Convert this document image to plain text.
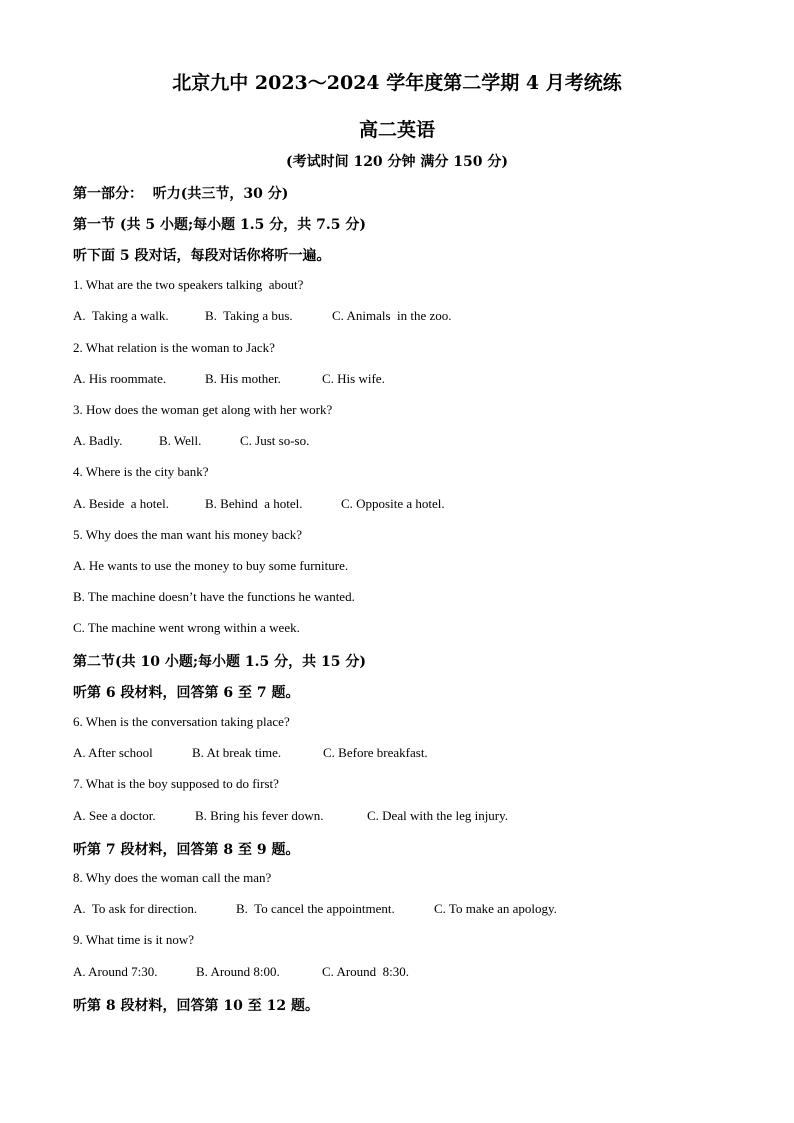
北京九中 2023～2024 学年度第二学期 4 月考统练
高二英语
(考试时间 120 分钟 满分 150 分)
第一部分：  听力(共三节，30 分)
第一节 (共 5 小题;每小题 1.5 分，共 7.5 分)
听下面 5 段对话，每段对话你将听一遍。
1. What are the two speakers talking  about?
A.  Taking a walk.	B.  Taking a bus.	C. Animals  in the zoo.
2. What relation is the woman to Jack?
A. His roommate.	B. His mother.	C. His wife.
3. How does the woman get along with her work?
A. Badly.	B. Well.	C. Just so-so.
4. Where is the city bank?
A. Beside  a hotel.	B. Behind  a hotel.	C. Opposite a hotel.
5. Why does the man want his money back?
A. He wants to use the money to buy some furniture.
B. The machine doesn’t have the functions he wanted.
C. The machine went wrong within a week.
第二节(共 10 小题;每小题 1.5 分，共 15 分)
听第 6 段材料，回答第 6 至 7 题。
6. When is the conversation taking place?
A. After school	B. At break time.	C. Before breakfast.
7. What is the boy supposed to do first?
A. See a doctor.	B. Bring his fever down.	C. Deal with the leg injury.
听第 7 段材料，回答第 8 至 9 题。
8. Why does the woman call the man?
A.  To ask for direction.	B.  To cancel the appointment.	C. To make an apology.
9. What time is it now?
A. Around 7:30.	B. Around 8:00.	C. Around  8:30.
听第 8 段材料，回答第 10 至 12 题。
